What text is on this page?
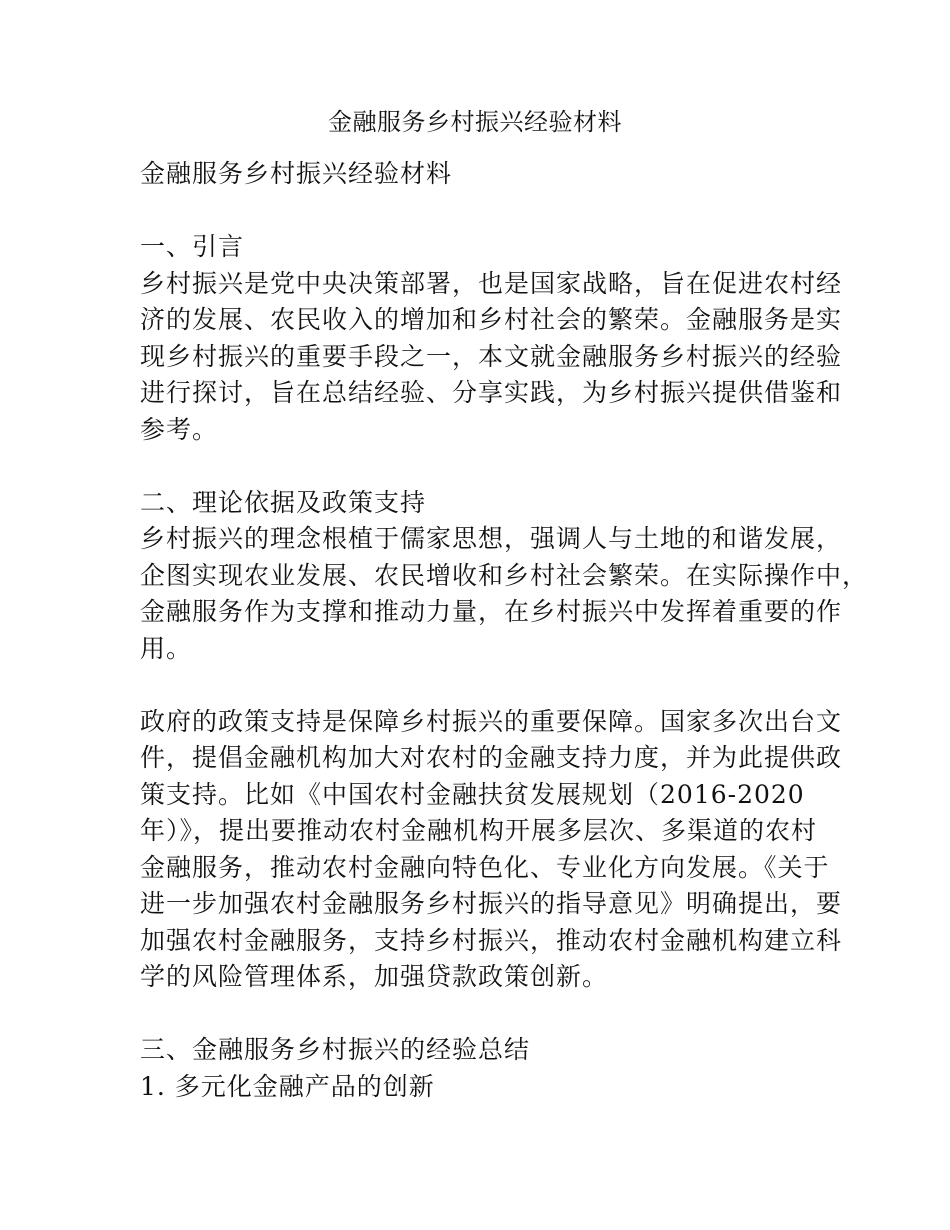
金融服务乡村振兴经验材料
金融服务乡村振兴经验材料
一、引言
乡村振兴是党中央决策部署，也是国家战略，旨在促进农村经
济的发展、农民收入的增加和乡村社会的繁荣。金融服务是实
现乡村振兴的重要手段之一，本文就金融服务乡村振兴的经验
进行探讨，旨在总结经验、分享实践，为乡村振兴提供借鉴和
参考。
二、理论依据及政策支持
乡村振兴的理念根植于儒家思想，强调人与土地的和谐发展，
企图实现农业发展、农民增收和乡村社会繁荣。在实际操作中，
金融服务作为支撑和推动力量，在乡村振兴中发挥着重要的作
用。
政府的政策支持是保障乡村振兴的重要保障。国家多次出台文
件，提倡金融机构加大对农村的金融支持力度，并为此提供政
策支持。比如《中国农村金融扶贫发展规划（2016-2020
年）》，提出要推动农村金融机构开展多层次、多渠道的农村
金融服务，推动农村金融向特色化、专业化方向发展。《关于
进一步加强农村金融服务乡村振兴的指导意见》明确提出，要
加强农村金融服务，支持乡村振兴，推动农村金融机构建立科
学的风险管理体系，加强贷款政策创新。
三、金融服务乡村振兴的经验总结
1. 多元化金融产品的创新
